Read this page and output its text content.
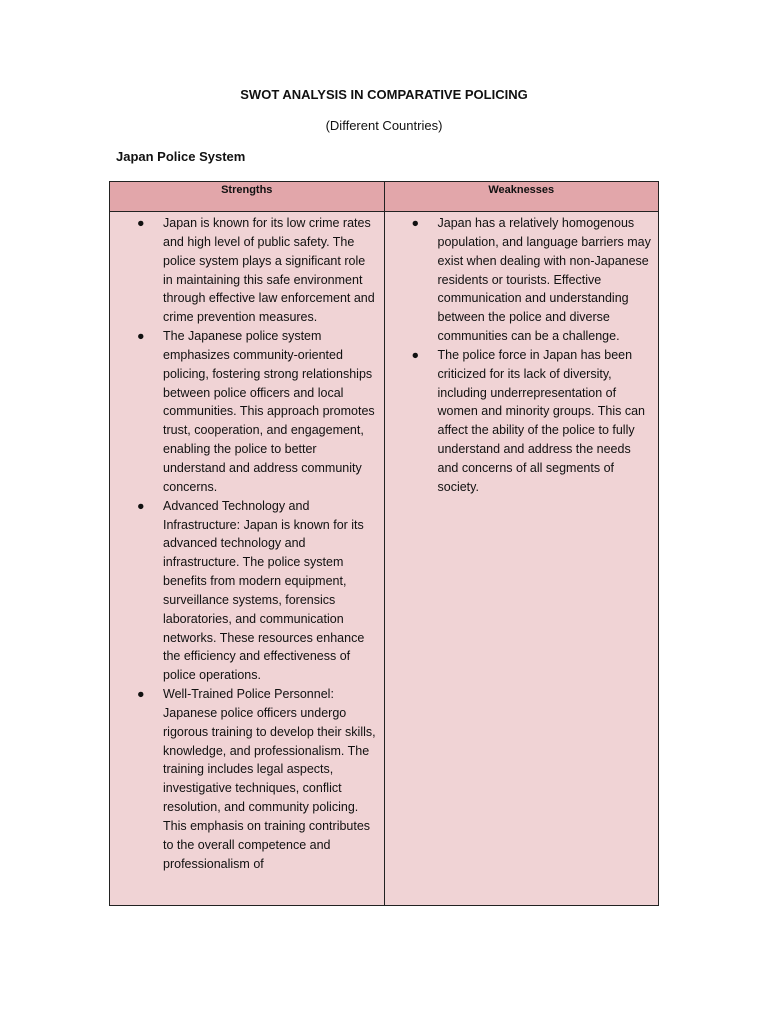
SWOT ANALYSIS IN COMPARATIVE POLICING
(Different Countries)
Japan Police System
Strengths	Weaknesses
● Japan is known for its low crime rates and high level of public safety. The police system plays a significant role in maintaining this safe environment through effective law enforcement and crime prevention measures.
● The Japanese police system emphasizes community-oriented policing, fostering strong relationships between police officers and local communities. This approach promotes trust, cooperation, and engagement, enabling the police to better understand and address community concerns.
● Advanced Technology and Infrastructure: Japan is known for its advanced technology and infrastructure. The police system benefits from modern equipment, surveillance systems, forensics laboratories, and communication networks. These resources enhance the efficiency and effectiveness of police operations.
● Well-Trained Police Personnel: Japanese police officers undergo rigorous training to develop their skills, knowledge, and professionalism. The training includes legal aspects, investigative techniques, conflict resolution, and community policing. This emphasis on training contributes to the overall competence and professionalism of
● Japan has a relatively homogenous population, and language barriers may exist when dealing with non-Japanese residents or tourists. Effective communication and understanding between the police and diverse communities can be a challenge.
● The police force in Japan has been criticized for its lack of diversity, including underrepresentation of women and minority groups. This can affect the ability of the police to fully understand and address the needs and concerns of all segments of society.
